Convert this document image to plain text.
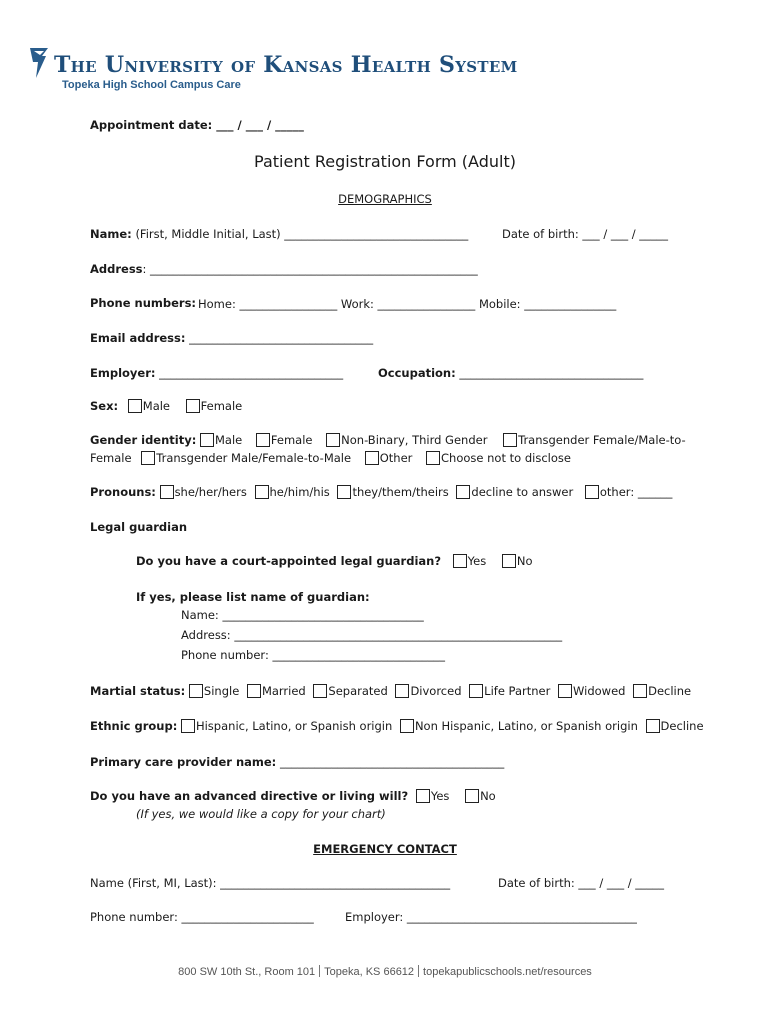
The University of Kansas Health System
Topeka High School Campus Care
Appointment date: ___ / ___ / _____
Patient Registration Form (Adult)
DEMOGRAPHICS
Name: (First, Middle Initial, Last) ________________________________	Date of birth: ___ / ___ / _____
Address: _________________________________________________________
Phone numbers: Home: _________________ Work: _________________ Mobile: ________________
Email address: ________________________________
Employer: ________________________________	Occupation: ________________________________
Sex: Male	Female
Gender identity: Male Female Non-Binary, Third Gender	Transgender Female/Male-to-
Female Transgender Male/Female-to-Male Other Choose not to disclose
Pronouns: she/her/hers he/him/his they/them/theirs decline to answer other: ______
Legal guardian
Do you have a court-appointed legal guardian? Yes	No
If yes, please list name of guardian:
Name: ___________________________________
Address: _________________________________________________________
Phone number: ______________________________
Martial status: Single Married Separated Divorced Life Partner Widowed Decline
Ethnic group: Hispanic, Latino, or Spanish origin Non Hispanic, Latino, or Spanish origin Decline
Primary care provider name: _______________________________________
Do you have an advanced directive or living will? Yes	No
(If yes, we would like a copy for your chart)
EMERGENCY CONTACT
Name (First, MI, Last): ________________________________________	Date of birth: ___ / ___ / _____
Phone number: _______________________	Employer: ________________________________________
800 SW 10th St., Room 101 Topeka, KS 66612 topekapublicschools.net/resources
